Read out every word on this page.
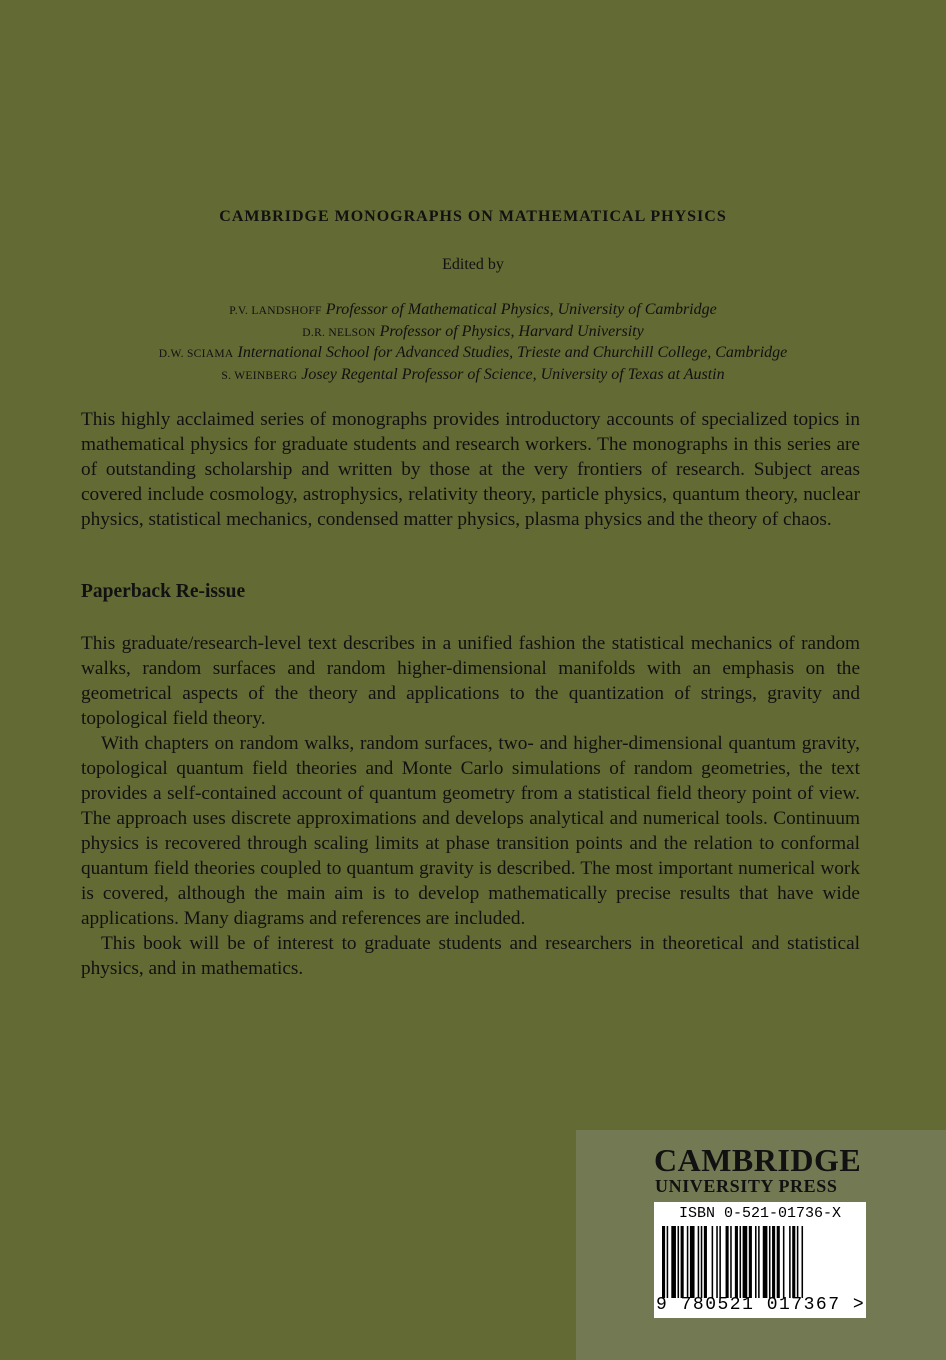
CAMBRIDGE MONOGRAPHS ON MATHEMATICAL PHYSICS
Edited by
P.V. LANDSHOFF Professor of Mathematical Physics, University of Cambridge
D.R. NELSON Professor of Physics, Harvard University
D.W. SCIAMA International School for Advanced Studies, Trieste and Churchill College, Cambridge
S. WEINBERG Josey Regental Professor of Science, University of Texas at Austin

This highly acclaimed series of monographs provides introductory accounts of specialized topics in mathematical physics for graduate students and research workers. The monographs in this series are of outstanding scholarship and written by those at the very frontiers of research. Subject areas covered include cosmology, astrophysics, relativity theory, particle physics, quantum theory, nuclear physics, statistical mechanics, condensed matter physics, plasma physics and the theory of chaos.

Paperback Re-issue

This graduate/research-level text describes in a unified fashion the statistical mechanics of random walks, random surfaces and random higher-dimensional manifolds with an emphasis on the geometrical aspects of the theory and applications to the quantization of strings, gravity and topological field theory.

With chapters on random walks, random surfaces, two- and higher-dimensional quantum gravity, topological quantum field theories and Monte Carlo simulations of random geometries, the text provides a self-contained account of quantum geometry from a statistical field theory point of view. The approach uses discrete approximations and develops analytical and numerical tools. Continuum physics is recovered through scaling limits at phase transition points and the relation to conformal quantum field theories coupled to quantum gravity is described. The most important numerical work is covered, although the main aim is to develop mathematically precise results that have wide applications. Many diagrams and references are included.

This book will be of interest to graduate students and researchers in theoretical and statistical physics, and in mathematics.

CAMBRIDGE
UNIVERSITY PRESS
ISBN 0-521-01736-X
9 780521 017367 >
